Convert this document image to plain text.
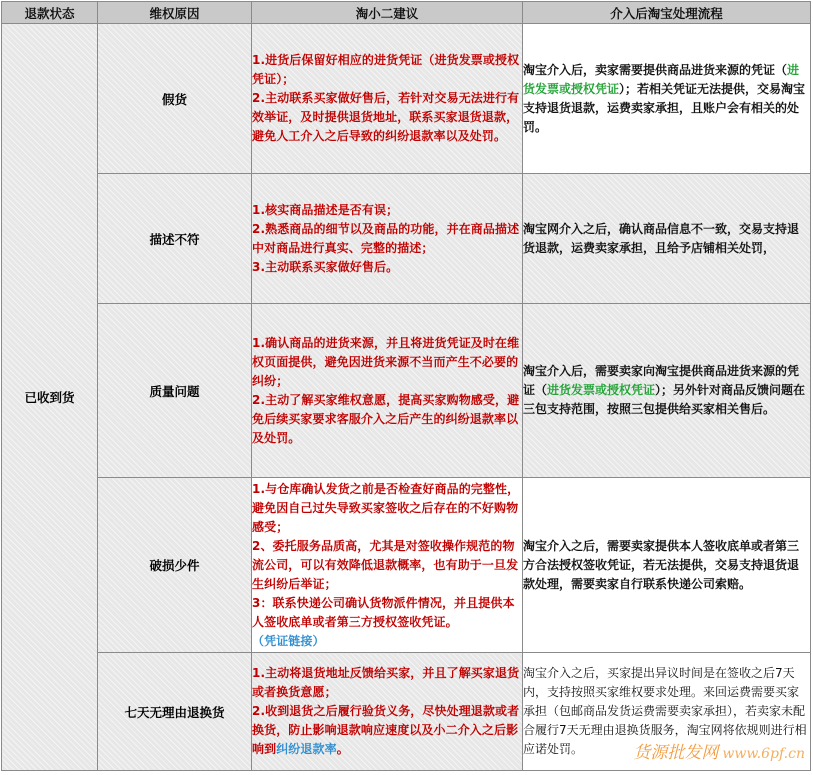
退款状态	维权原因	淘小二建议	介入后淘宝处理流程
已收到货	假货	1.进货后保留好相应的进货凭证（进货发票或授权凭证）；
2.主动联系买家做好售后，若针对交易无法进行有效举证，及时提供退货地址，联系买家退货退款，避免人工介入之后导致的纠纷退款率以及处罚。	淘宝介入后，卖家需要提供商品进货来源的凭证（进货发票或授权凭证）；若相关凭证无法提供，交易淘宝支持退货退款，运费卖家承担，且账户会有相关的处罚。
	描述不符	1.核实商品描述是否有误；
2.熟悉商品的细节以及商品的功能，并在商品描述中对商品进行真实、完整的描述；
3.主动联系买家做好售后。	淘宝网介入之后，确认商品信息不一致，交易支持退货退款，运费卖家承担，且给予店铺相关处罚，
	质量问题	1.确认商品的进货来源，并且将进货凭证及时在维权页面提供，避免因进货来源不当而产生不必要的纠纷；
2.主动了解买家维权意愿，提高买家购物感受，避免后续买家要求客服介入之后产生的纠纷退款率以及处罚。	淘宝介入后，需要卖家向淘宝提供商品进货来源的凭证（进货发票或授权凭证）；另外针对商品反馈问题在三包支持范围，按照三包提供给买家相关售后。
	破损少件	1.与仓库确认发货之前是否检查好商品的完整性，避免因自己过失导致买家签收之后存在的不好购物感受；
2、委托服务品质高，尤其是对签收操作规范的物流公司，可以有效降低退款概率，也有助于一旦发生纠纷后举证；
3：联系快递公司确认货物派件情况，并且提供本人签收底单或者第三方授权签收凭证。（凭证链接）	淘宝介入之后，需要卖家提供本人签收底单或者第三方合法授权签收凭证，若无法提供，交易支持退货退款处理，需要卖家自行联系快递公司索赔。
	七天无理由退换货	1.主动将退货地址反馈给买家，并且了解买家退货或者换货意愿；
2.收到退货之后履行验货义务，尽快处理退款或者换货，防止影响退款响应速度以及小二介入之后影响到纠纷退款率。	淘宝介入之后，买家提出异议时间是在签收之后7天内，支持按照买家维权要求处理。来回运费需要买家承担（包邮商品发货运费需要卖家承担），若卖家未配合履行7天无理由退换货服务，淘宝网将依规则进行相应诺处罚。	货源批发网 www.6pf.cn
